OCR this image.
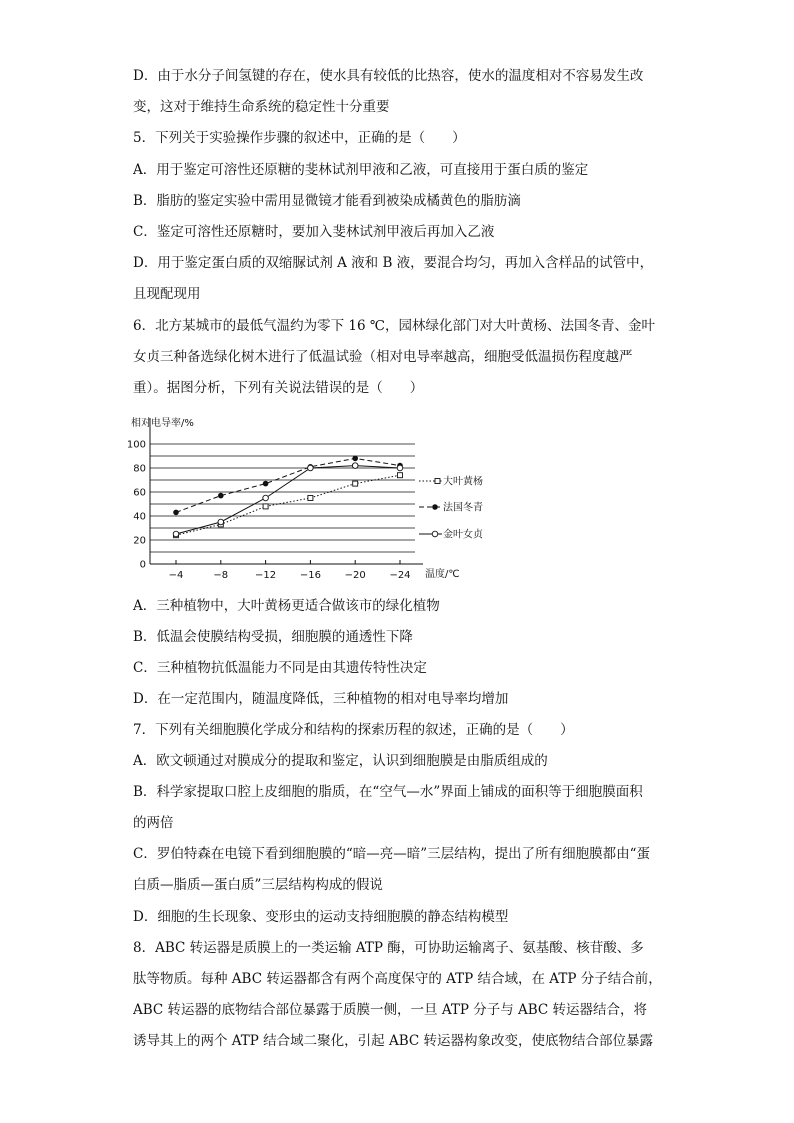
D．由于水分子间氢键的存在，使水具有较低的比热容，使水的温度相对不容易发生改
变，这对于维持生命系统的稳定性十分重要
5．下列关于实验操作步骤的叙述中，正确的是（　　）
A．用于鉴定可溶性还原糖的斐林试剂甲液和乙液，可直接用于蛋白质的鉴定
B．脂肪的鉴定实验中需用显微镜才能看到被染成橘黄色的脂肪滴
C．鉴定可溶性还原糖时，要加入斐林试剂甲液后再加入乙液
D．用于鉴定蛋白质的双缩脲试剂 A 液和 B 液，要混合均匀，再加入含样品的试管中，
且现配现用
6．北方某城市的最低气温约为零下 16 ℃，园林绿化部门对大叶黄杨、法国冬青、金叶
女贞三种备选绿化树木进行了低温试验（相对电导率越高，细胞受低温损伤程度越严
重）。据图分析，下列有关说法错误的是（　　）
相对电导率/%
温度/℃
0
20
40
60
80
100
−4	−8	−12 −16 −20 −24
大叶黄杨
法国冬青
金叶女贞
A．三种植物中，大叶黄杨更适合做该市的绿化植物
B．低温会使膜结构受损，细胞膜的通透性下降
C．三种植物抗低温能力不同是由其遗传特性决定
D．在一定范围内，随温度降低，三种植物的相对电导率均增加
7．下列有关细胞膜化学成分和结构的探索历程的叙述，正确的是（　　）
A．欧文顿通过对膜成分的提取和鉴定，认识到细胞膜是由脂质组成的
B．科学家提取口腔上皮细胞的脂质，在“空气—水”界面上铺成的面积等于细胞膜面积
的两倍
C．罗伯特森在电镜下看到细胞膜的“暗—亮—暗”三层结构，提出了所有细胞膜都由“蛋
白质—脂质—蛋白质”三层结构构成的假说
D．细胞的生长现象、变形虫的运动支持细胞膜的静态结构模型
8．ABC 转运器是质膜上的一类运输 ATP 酶，可协助运输离子、氨基酸、核苷酸、多
肽等物质。每种 ABC 转运器都含有两个高度保守的 ATP 结合域，在 ATP 分子结合前，
ABC 转运器的底物结合部位暴露于质膜一侧，一旦 ATP 分子与 ABC 转运器结合，将
诱导其上的两个 ATP 结合域二聚化，引起 ABC 转运器构象改变，使底物结合部位暴露
